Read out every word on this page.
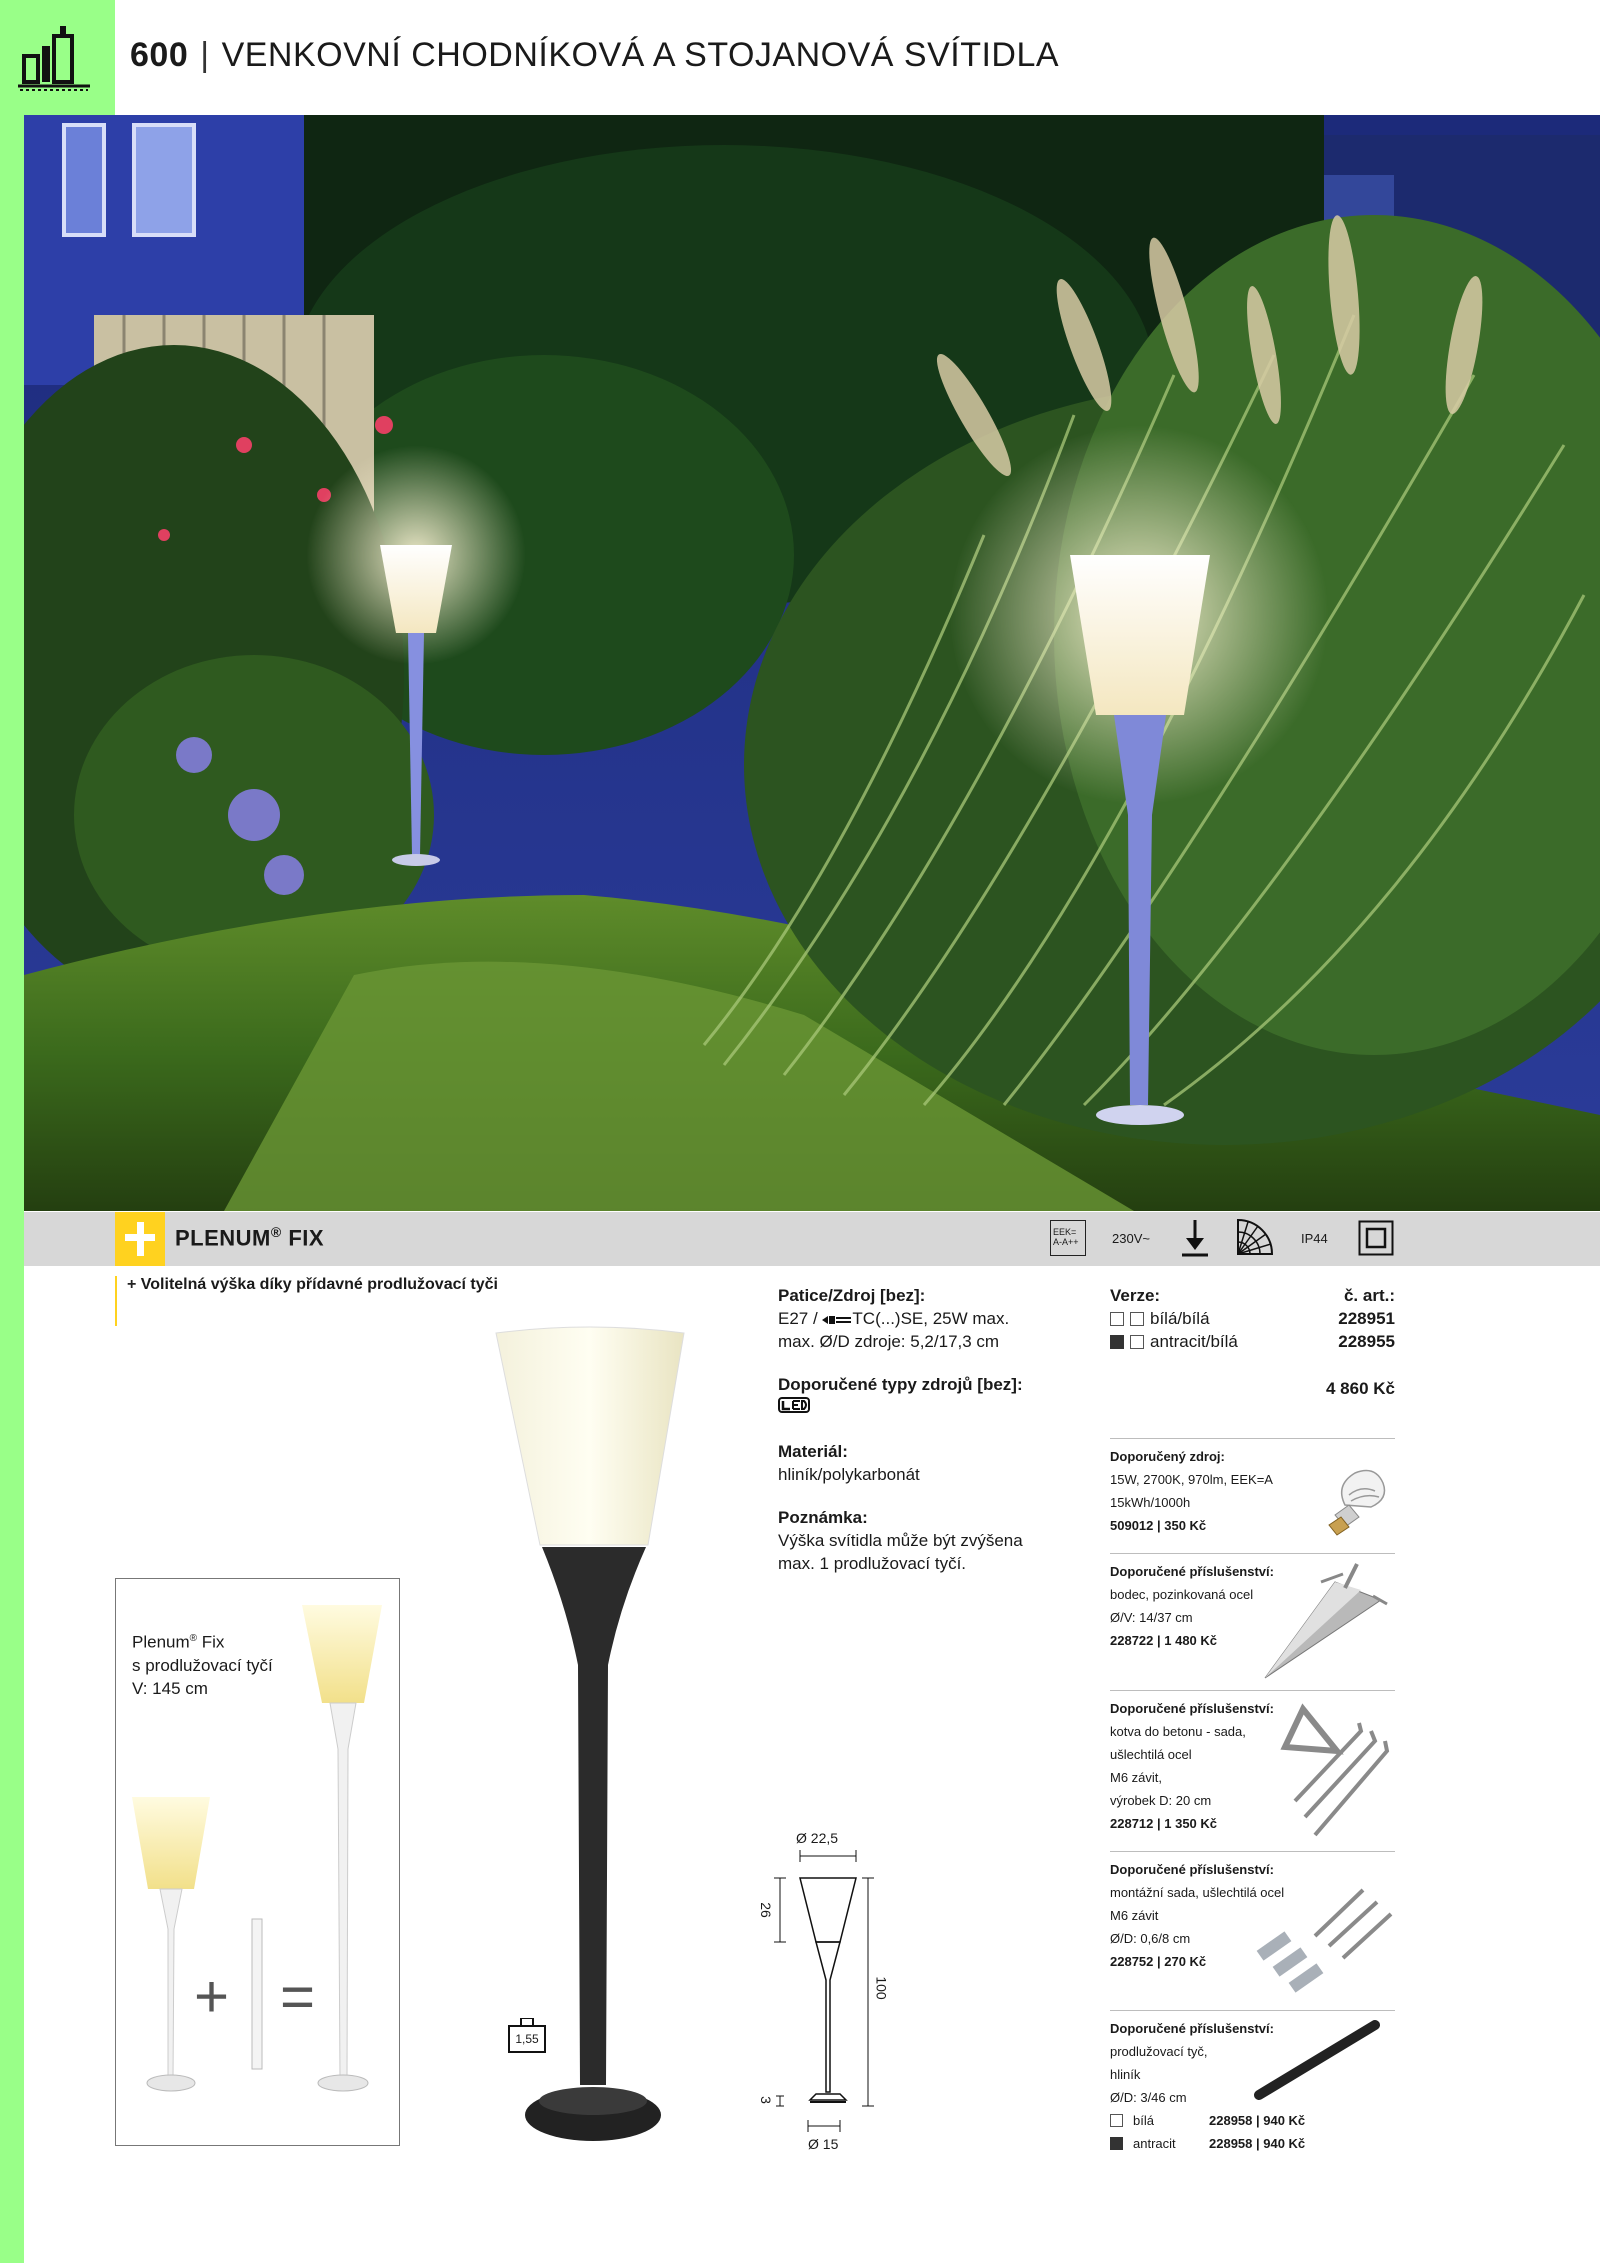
600 | VENKOVNÍ CHODNÍKOVÁ A STOJANOVÁ SVÍTIDLA
PLENUM® FIX	EEK=
A-A++	230V~	IP44
+ Volitelná výška díky přídavné prodlužovací tyči
Patice/Zdroj [bez]:
E27 / TC(...)SE, 25W max.
max. Ø/D zdroje: 5,2/17,3 cm
Doporučené typy zdrojů [bez]:
Materiál:
hliník/polykarbonát
Poznámka:
Výška svítidla může být zvýšena
max. 1 prodlužovací tyčí.
Verze:	č. art.:
bílá/bílá	228951
antracit/bílá	228955
4 860 Kč
Doporučený zdroj:
15W, 2700K, 970lm, EEK=A
15kWh/1000h
509012 | 350 Kč
Doporučené příslušenství:
bodec, pozinkovaná ocel
Ø/V: 14/37 cm
228722 | 1 480 Kč
Doporučené příslušenství:
kotva do betonu - sada,
ušlechtilá ocel
M6 závit,
výrobek D: 20 cm
228712 | 1 350 Kč
Doporučené příslušenství:
montážní sada, ušlechtilá ocel
M6 závit
Ø/D: 0,6/8 cm
228752 | 270 Kč
Doporučené příslušenství:
prodlužovací tyč,
hliník
Ø/D: 3/46 cm
bílá	228958 | 940 Kč
antracit	228958 | 940 Kč
Plenum® Fix
s prodlužovací tyčí
V: 145 cm
+ =
1,55
Ø 22,5
26
100
3
Ø 15
